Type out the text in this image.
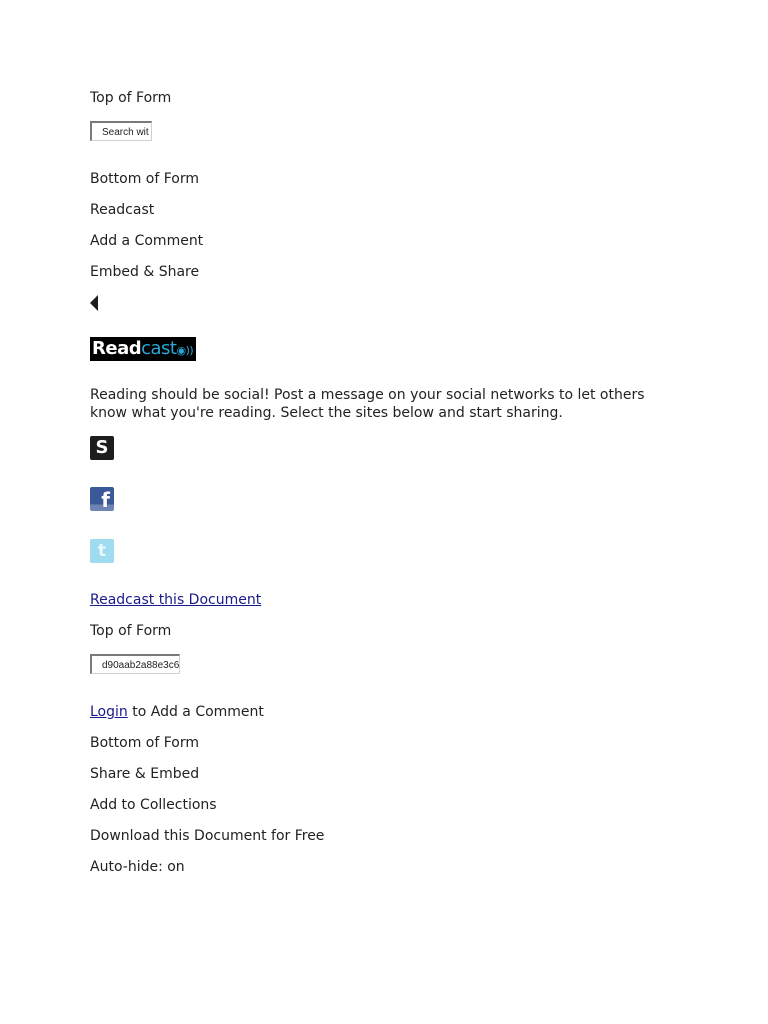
Top of Form
Search wit
Bottom of Form
Readcast
Add a Comment
Embed & Share
Readcast◉))
Reading should be social! Post a message on your social networks to let others know what you're reading. Select the sites below and start sharing.
S
f
t
Readcast this Document
Top of Form
d90aab2a88e3c6
Login to Add a Comment
Bottom of Form
Share & Embed
Add to Collections
Download this Document for Free
Auto-hide: on
